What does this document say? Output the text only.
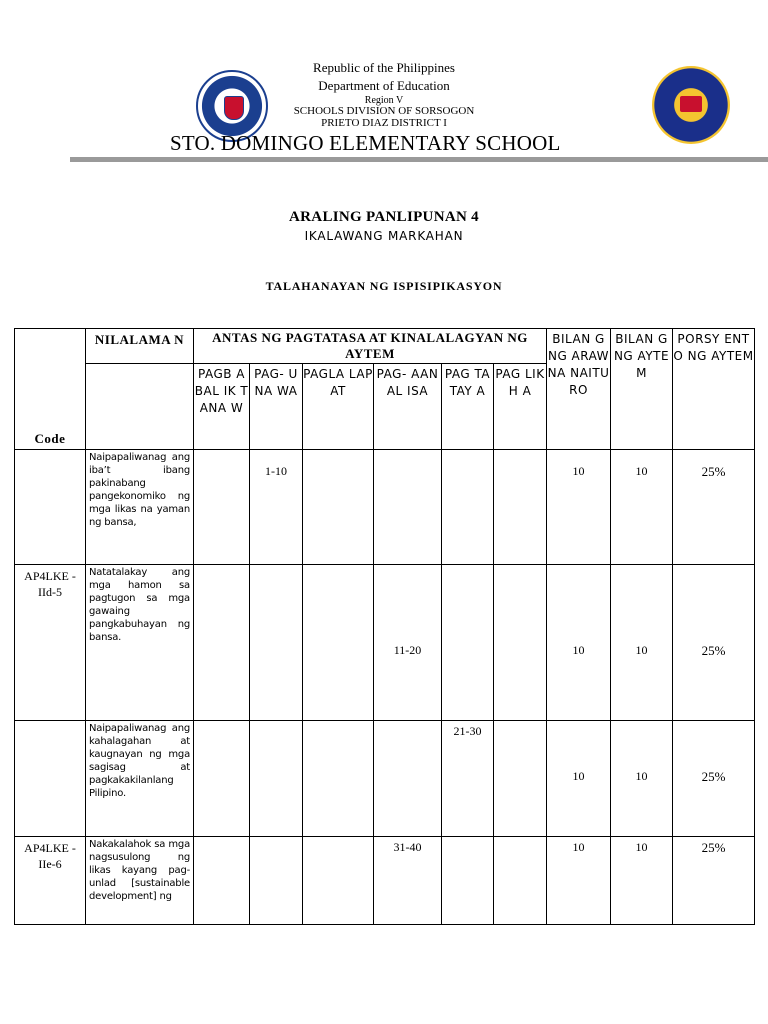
Republic of the Philippines
Department of Education
Region V
SCHOOLS DIVISION OF SORSOGON
PRIETO DIAZ DISTRICT I
STO. DOMINGO ELEMENTARY SCHOOL
ARALING PANLIPUNAN 4
IKALAWANG MARKAHAN
TALAHANAYAN NG ISPISIPIKASYON
Code	NILALAMA N	ANTAS NG PAGTATASA AT KINALALAGYAN NG AYTEM						BILAN G NG ARAW NA NAITU RO	BILAN G NG AYTE M	PORSY ENTO NG AYTEM
		PAGB ABAL IK TANA W	PAG- UNA WA	PAGLA LAPAT	PAG- AANAL ISA	PAG TA TAY A	PAG LIKH A			
	Naipapaliwanag ang iba’t ibang pakinabang pangekonomiko ng mga likas na yaman ng bansa,		1-10					10	10	25%
AP4LKE -IId-5	Natatalakay ang mga hamon sa pagtugon sa mga gawaing pangkabuhayan ng bansa.				11-20			10	10	25%
	Naipapaliwanag ang kahalagahan at kaugnayan ng mga sagisag at pagkakakilanlang Pilipino.					21-30		10	10	25%
AP4LKE -IIe-6	Nakakalahok sa mga nagsusulong ng likas kayang pag-unlad [sustainable development] ng				31-40			10	10	25%
